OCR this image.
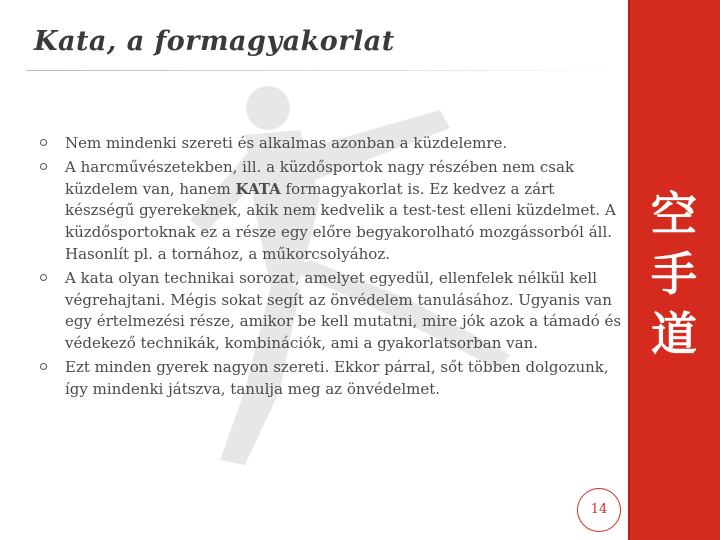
Kata, a formagyakorlat
Nem mindenki szereti és alkalmas azonban a küzdelemre.
A harcművészetekben, ill. a küzdősportok nagy részében nem csak küzdelem van, hanem KATA formagyakorlat is. Ez kedvez a zárt készségű gyerekeknek, akik nem kedvelik a test-test elleni küzdelmet. A küzdősportoknak ez a része egy előre begyakorolható mozgássorból áll. Hasonlít pl. a tornához, a műkorcsolyához.
A kata olyan technikai sorozat, amelyet egyedül, ellenfelek nélkül kell végrehajtani. Mégis sokat segít az önvédelem tanulásához. Ugyanis van egy értelmezési része, amikor be kell mutatni, mire jók azok a támadó és védekező technikák, kombinációk, ami a gyakorlatsorban van.
Ezt minden gyerek nagyon szereti. Ekkor párral, sőt többen dolgozunk, így mindenki játszva, tanulja meg az önvédelmet.
空
手
道
14
